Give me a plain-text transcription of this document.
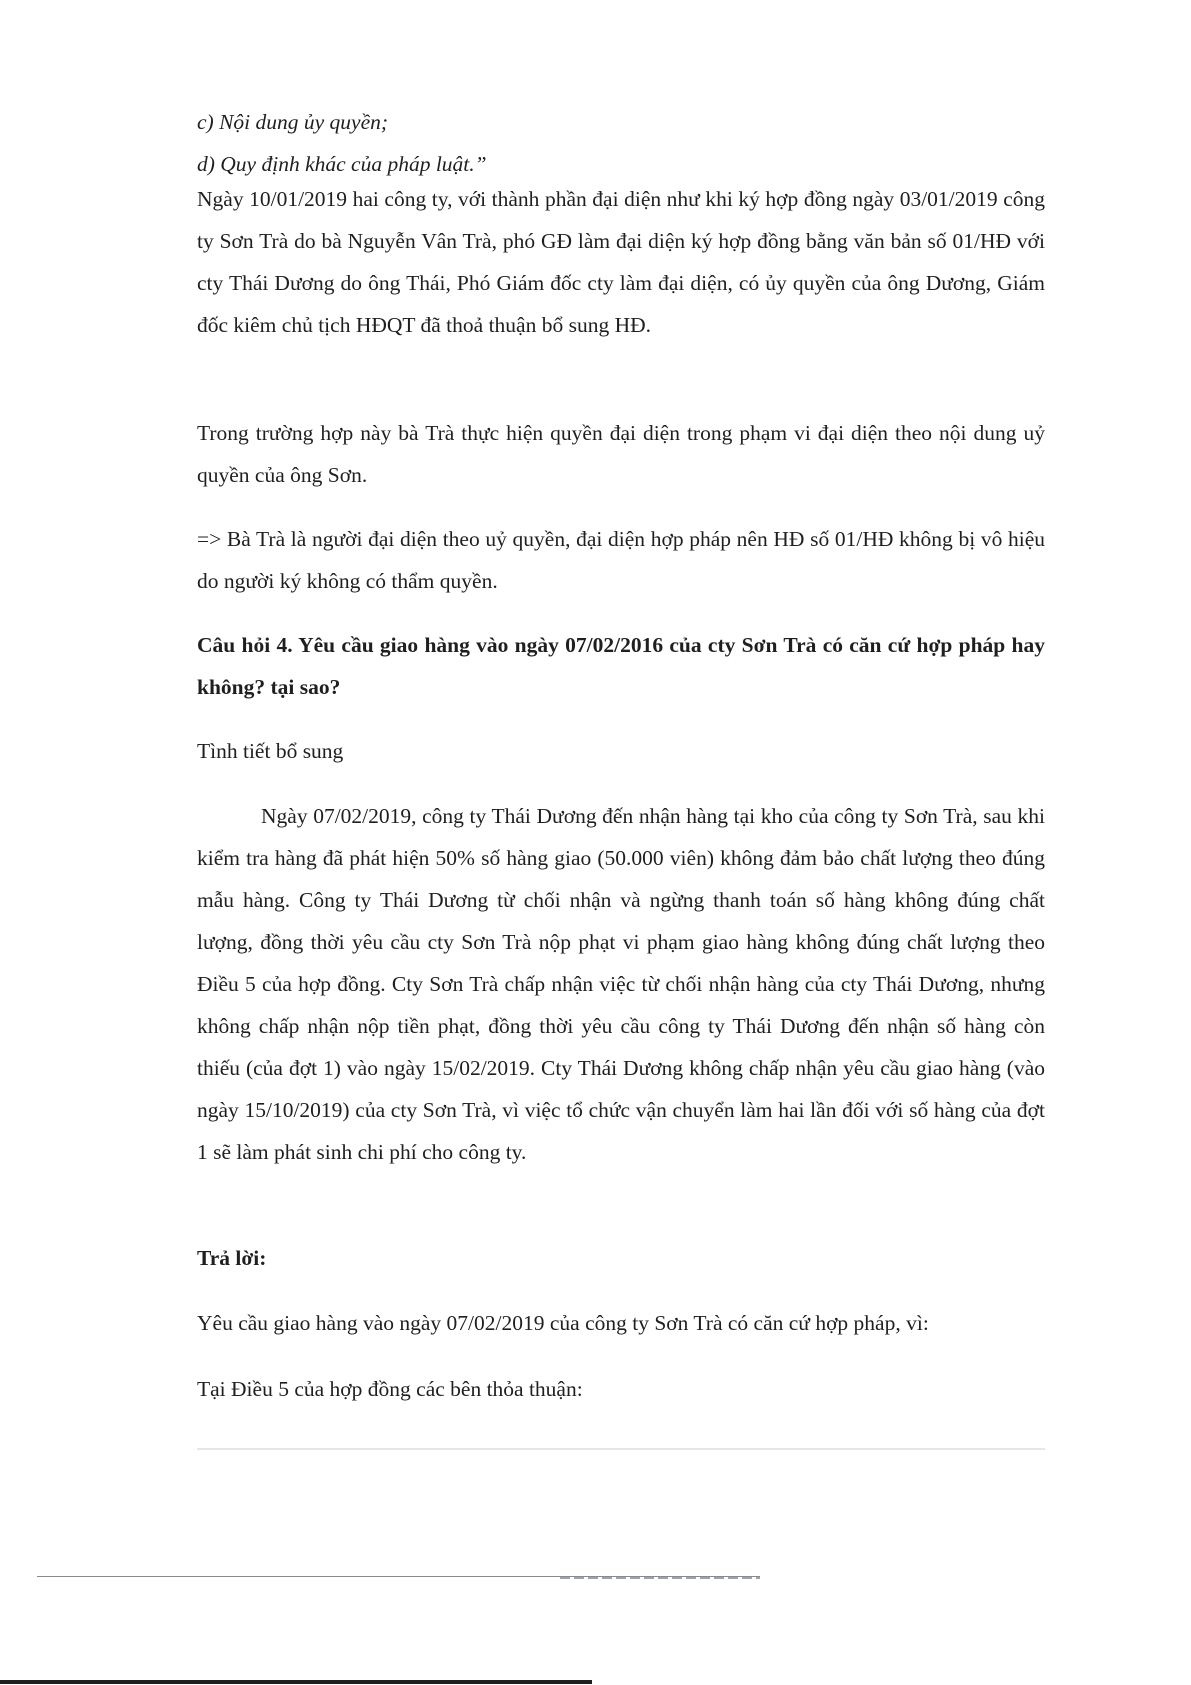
c) Nội dung ủy quyền;

d) Quy định khác của pháp luật.”

Ngày 10/01/2019 hai công ty, với thành phần đại diện như khi ký hợp đồng ngày 03/01/2019 công ty Sơn Trà do bà Nguyễn Vân Trà, phó GĐ làm đại diện ký hợp đồng bằng văn bản số 01/HĐ với cty Thái Dương do ông Thái, Phó Giám đốc cty làm đại diện, có ủy quyền của ông Dương, Giám đốc kiêm chủ tịch HĐQT đã thoả thuận bổ sung HĐ.

Trong trường hợp này bà Trà thực hiện quyền đại diện trong phạm vi đại diện theo nội dung uỷ quyền của ông Sơn.

=> Bà Trà là người đại diện theo uỷ quyền, đại diện hợp pháp nên HĐ số 01/HĐ không bị vô hiệu do người ký không có thẩm quyền.

Câu hỏi 4. Yêu cầu giao hàng vào ngày 07/02/2016 của cty Sơn Trà có căn cứ hợp pháp hay không? tại sao?

Tình tiết bổ sung

Ngày 07/02/2019, công ty Thái Dương đến nhận hàng tại kho của công ty Sơn Trà, sau khi kiểm tra hàng đã phát hiện 50% số hàng giao (50.000 viên) không đảm bảo chất lượng theo đúng mẫu hàng. Công ty Thái Dương từ chối nhận và ngừng thanh toán số hàng không đúng chất lượng, đồng thời yêu cầu cty Sơn Trà nộp phạt vi phạm giao hàng không đúng chất lượng theo Điều 5 của hợp đồng. Cty Sơn Trà chấp nhận việc từ chối nhận hàng của cty Thái Dương, nhưng không chấp nhận nộp tiền phạt, đồng thời yêu cầu công ty Thái Dương đến nhận số hàng còn thiếu (của đợt 1) vào ngày 15/02/2019. Cty Thái Dương không chấp nhận yêu cầu giao hàng (vào ngày 15/10/2019) của cty Sơn Trà, vì việc tổ chức vận chuyển làm hai lần đối với số hàng của đợt 1 sẽ làm phát sinh chi phí cho công ty.

Trả lời:

Yêu cầu giao hàng vào ngày 07/02/2019 của công ty Sơn Trà có căn cứ hợp pháp, vì:

Tại Điều 5 của hợp đồng các bên thỏa thuận:
